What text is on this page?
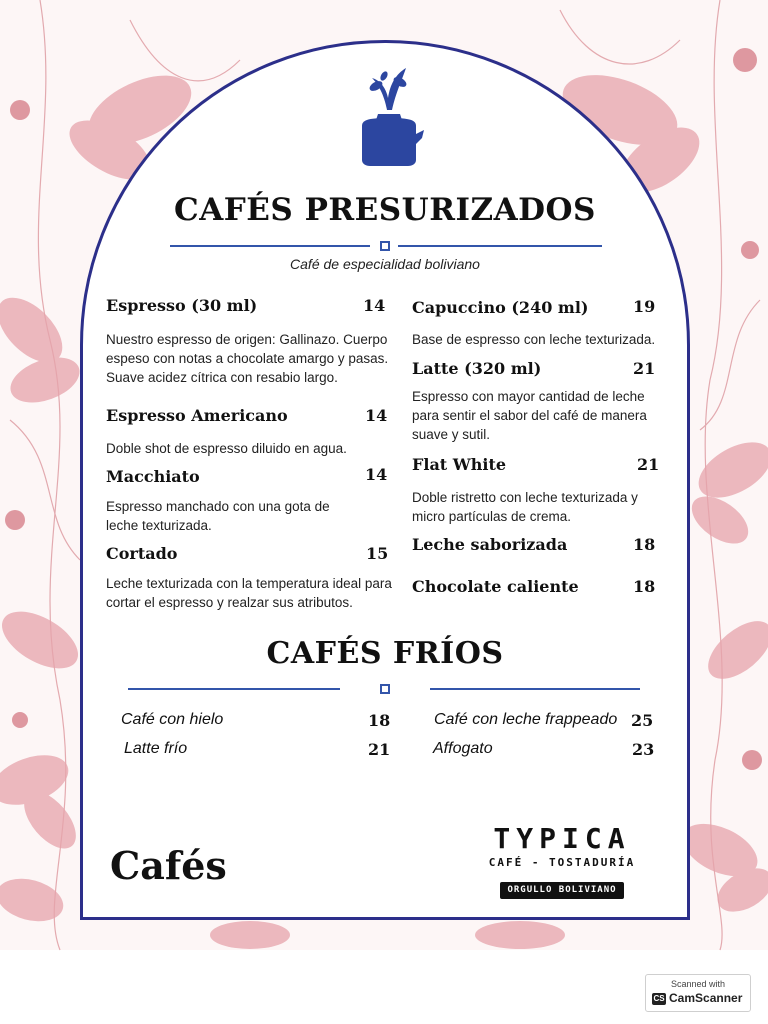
CAFÉS PRESURIZADOS
Café de especialidad boliviano
Espresso (30 ml)	14
Nuestro espresso de origen: Gallinazo. Cuerpo espeso con notas a chocolate amargo y pasas. Suave acidez cítrica con resabio largo.
Espresso Americano	14
Doble shot de espresso diluido en agua.
Macchiato	14
Espresso manchado con una gota de leche texturizada.
Cortado	15
Leche texturizada con la temperatura ideal para cortar el espresso y realzar sus atributos.
Capuccino (240 ml)	19
Base de espresso con leche texturizada.
Latte (320 ml)	21
Espresso con mayor cantidad de leche para sentir el sabor del café de manera suave y sutil.
Flat White	21
Doble ristretto con leche texturizada y micro partículas de crema.
Leche saborizada	18
Chocolate caliente	18
CAFÉS FRÍOS
Café con hielo	18
Latte frío	21
Café con leche frappeado 25
Affogato	23
Cafés
TYPICA
CAFÉ - TOSTADURÍA
ORGULLO BOLIVIANO
Scanned with
CS CamScanner
